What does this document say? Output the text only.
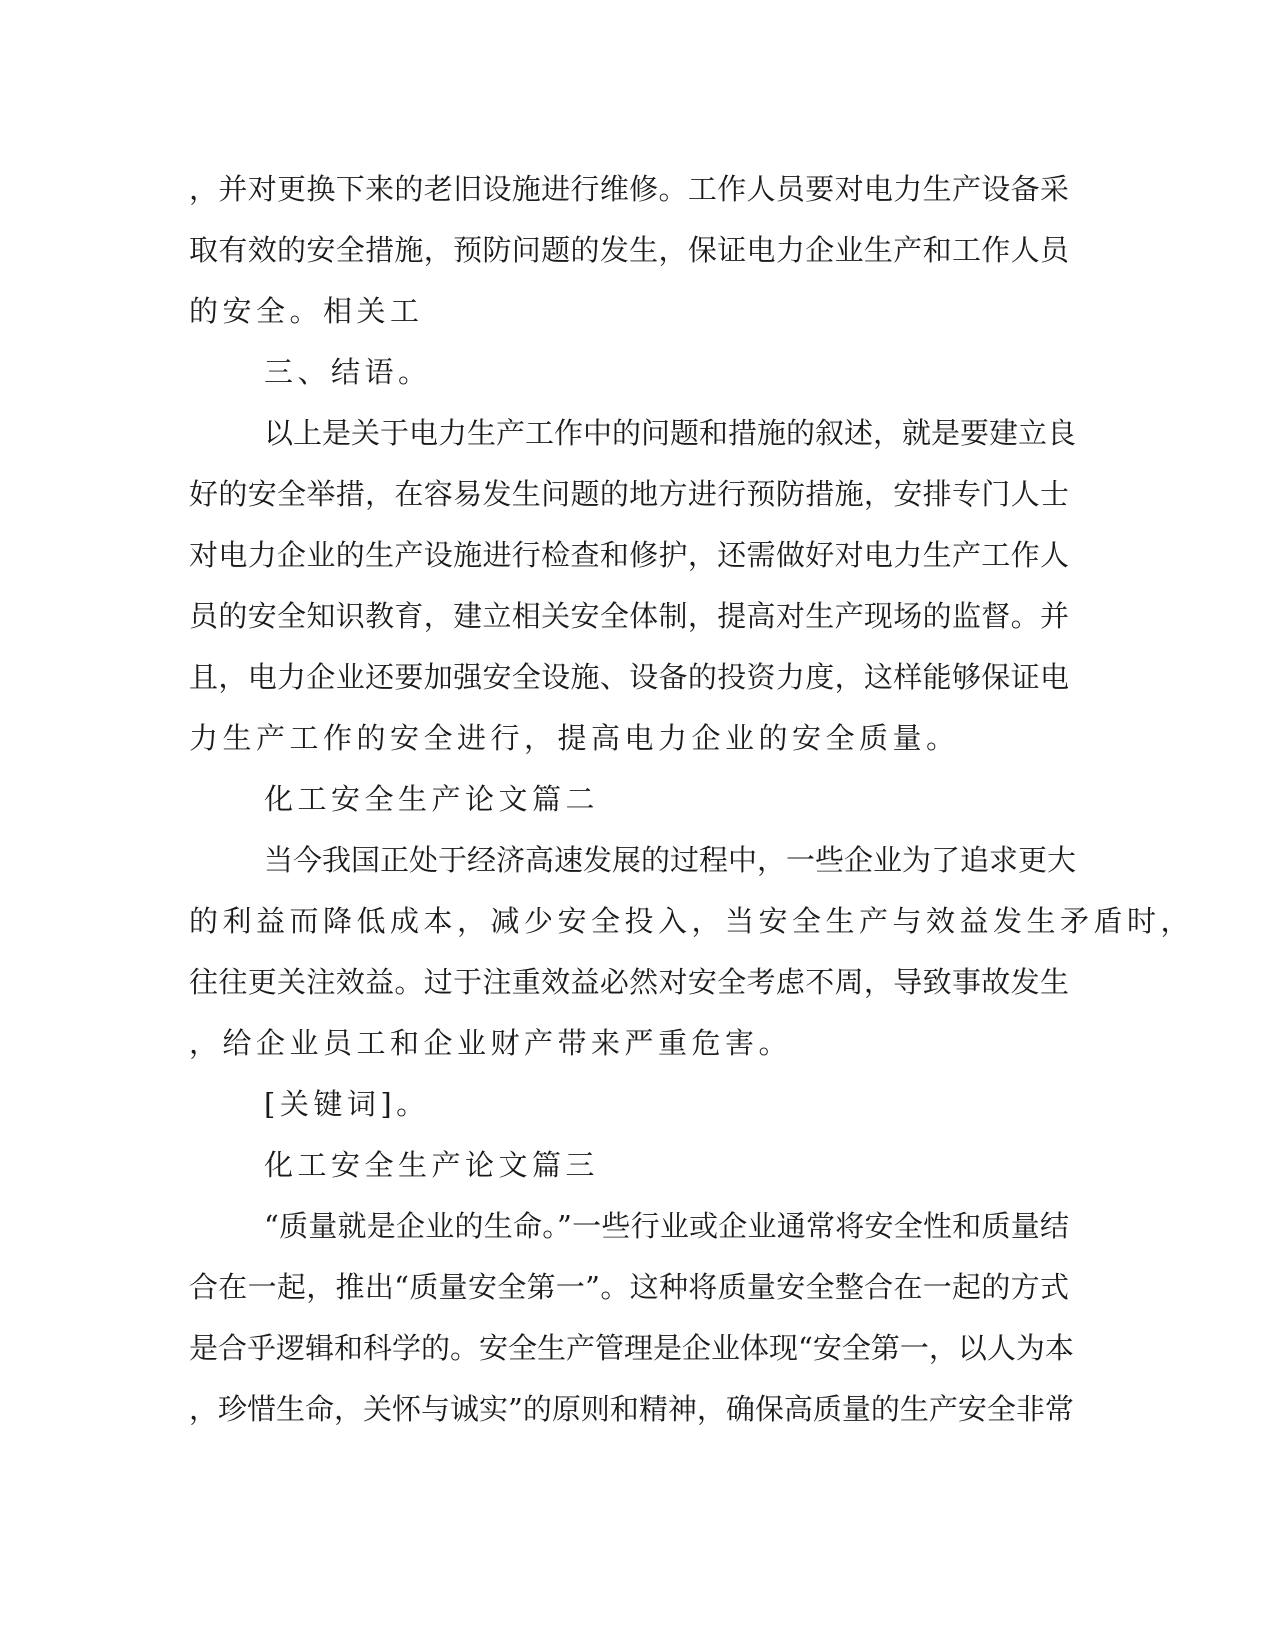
，并对更换下来的老旧设施进行维修。工作人员要对电力生产设备采
取有效的安全措施，预防问题的发生，保证电力企业生产和工作人员
的安全。相关工
三、结语。
以上是关于电力生产工作中的问题和措施的叙述，就是要建立良
好的安全举措，在容易发生问题的地方进行预防措施，安排专门人士
对电力企业的生产设施进行检查和修护，还需做好对电力生产工作人
员的安全知识教育，建立相关安全体制，提高对生产现场的监督。并
且，电力企业还要加强安全设施、设备的投资力度，这样能够保证电
力生产工作的安全进行，提高电力企业的安全质量。
化工安全生产论文篇二
当今我国正处于经济高速发展的过程中，一些企业为了追求更大
的利益而降低成本，减少安全投入，当安全生产与效益发生矛盾时，
往往更关注效益。过于注重效益必然对安全考虑不周，导致事故发生
，给企业员工和企业财产带来严重危害。
[关键词]。
化工安全生产论文篇三
“质量就是企业的生命。”一些行业或企业通常将安全性和质量结
合在一起，推出“质量安全第一”。这种将质量安全整合在一起的方式
是合乎逻辑和科学的。安全生产管理是企业体现“安全第一，以人为本
，珍惜生命，关怀与诚实”的原则和精神，确保高质量的生产安全非常
